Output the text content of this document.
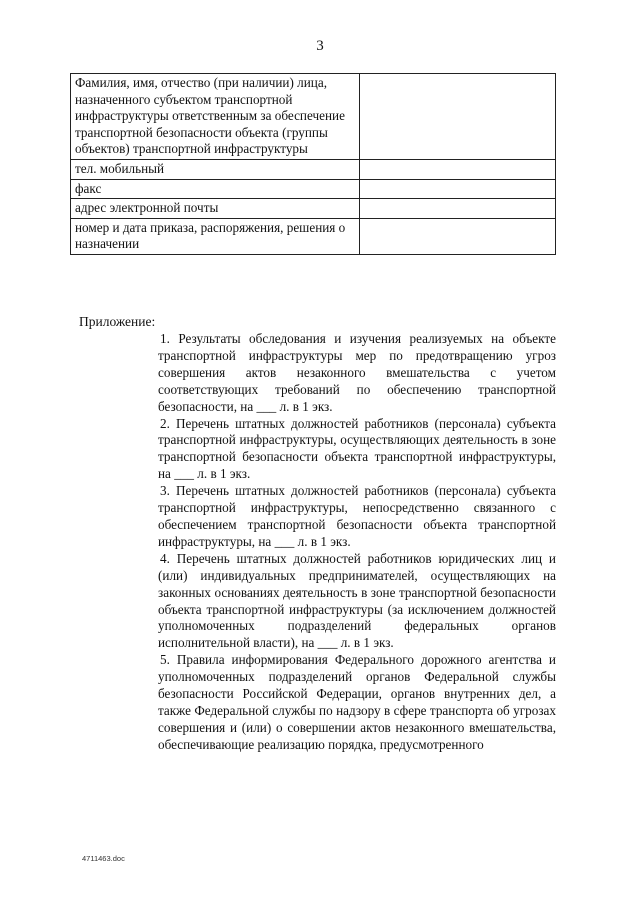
3
Фамилия, имя, отчество (при наличии) лица, назначенного субъектом транспортной инфраструктуры ответственным за обеспечение транспортной безопасности объекта (группы объектов) транспортной инфраструктуры	
тел. мобильный	
факс	
адрес электронной почты	
номер и дата приказа, распоряжения, решения о назначении	
Приложение:
1. Результаты обследования и изучения реализуемых на объекте транспортной инфраструктуры мер по предотвращению угроз совершения актов незаконного вмешательства с учетом соответствующих требований по обеспечению транспортной безопасности, на ___ л. в 1 экз.
2. Перечень штатных должностей работников (персонала) субъекта транспортной инфраструктуры, осуществляющих деятельность в зоне транспортной безопасности объекта транспортной инфраструктуры, на ___ л. в 1 экз.
3. Перечень штатных должностей работников (персонала) субъекта транспортной инфраструктуры, непосредственно связанного с обеспечением транспортной безопасности объекта транспортной инфраструктуры, на ___ л. в 1 экз.
4. Перечень штатных должностей работников юридических лиц и (или) индивидуальных предпринимателей, осуществляющих на законных основаниях деятельность в зоне транспортной безопасности объекта транспортной инфраструктуры (за исключением должностей уполномоченных подразделений федеральных органов исполнительной власти), на ___ л. в 1 экз.
5. Правила информирования Федерального дорожного агентства и уполномоченных подразделений органов Федеральной службы безопасности Российской Федерации, органов внутренних дел, а также Федеральной службы по надзору в сфере транспорта об угрозах совершения и (или) о совершении актов незаконного вмешательства, обеспечивающие реализацию порядка, предусмотренного
4711463.doc
